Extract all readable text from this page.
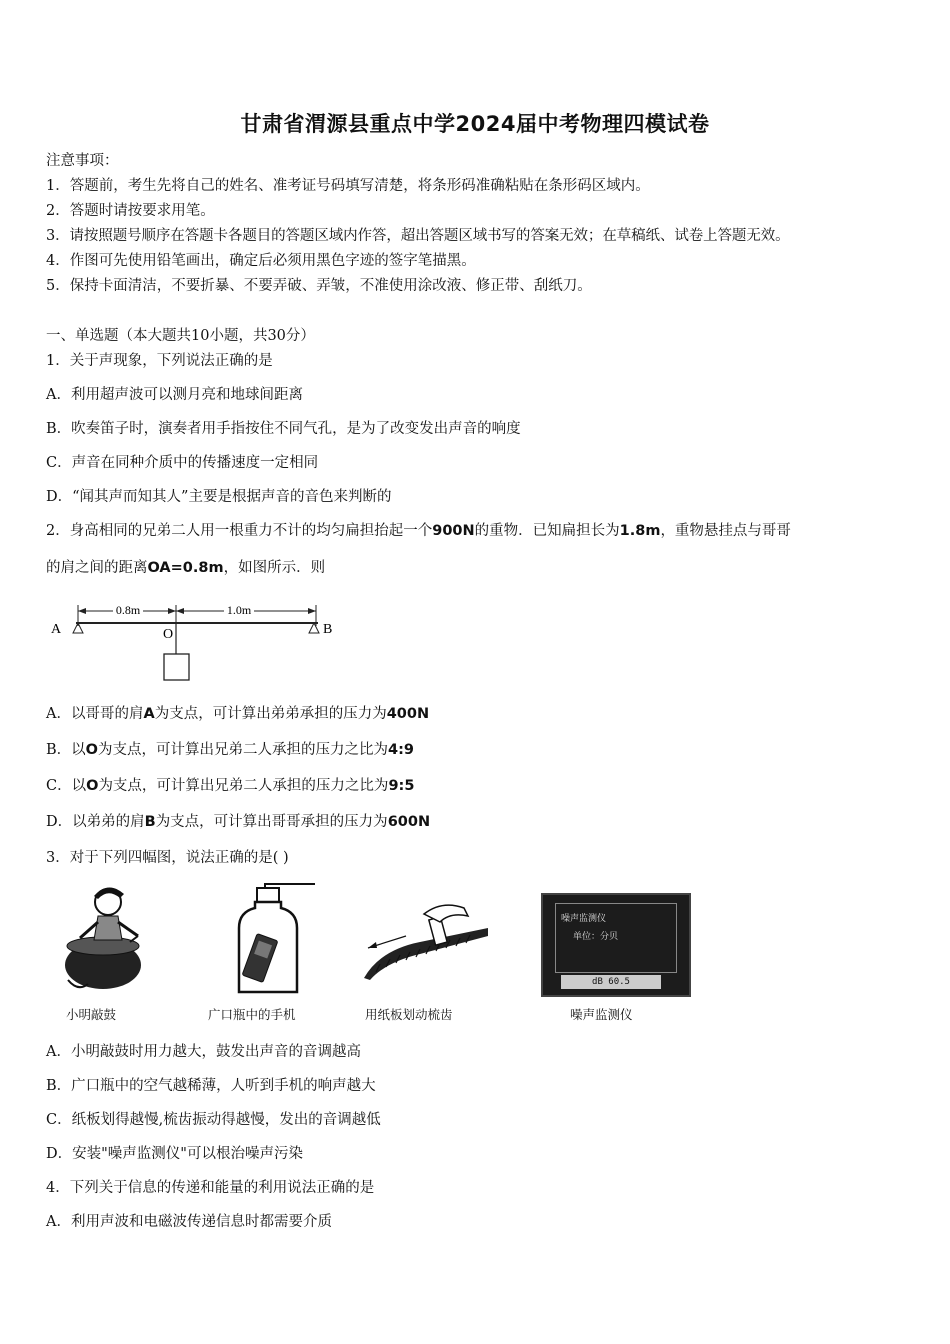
甘肃省渭源县重点中学2024届中考物理四模试卷
注意事项：
1．答题前，考生先将自己的姓名、准考证号码填写清楚，将条形码准确粘贴在条形码区域内。
2．答题时请按要求用笔。
3．请按照题号顺序在答题卡各题目的答题区域内作答，超出答题区域书写的答案无效；在草稿纸、试卷上答题无效。
4．作图可先使用铅笔画出，确定后必须用黑色字迹的签字笔描黑。
5．保持卡面清洁，不要折暴、不要弄破、弄皱，不准使用涂改液、修正带、刮纸刀。
一、单选题（本大题共10小题，共30分）
1．关于声现象，下列说法正确的是
A．利用超声波可以测月亮和地球间距离
B．吹奏笛子时，演奏者用手指按住不同气孔，是为了改变发出声音的响度
C．声音在同种介质中的传播速度一定相同
D．“闻其声而知其人”主要是根据声音的音色来判断的
2．身高相同的兄弟二人用一根重力不计的均匀扁担抬起一个900N的重物．已知扁担长为1.8m，重物悬挂点与哥哥
的肩之间的距离OA=0.8m，如图所示．则
0.8m	1.0m
A	O	B
A．以哥哥的肩A为支点，可计算出弟弟承担的压力为400N
B．以O为支点，可计算出兄弟二人承担的压力之比为4:9
C．以O为支点，可计算出兄弟二人承担的压力之比为9:5
D．以弟弟的肩B为支点，可计算出哥哥承担的压力为600N
3．对于下列四幅图，说法正确的是( )
小明敲鼓	广口瓶中的手机	用纸板划动梳齿
噪声监测仪
单位：分贝
dB 60.5
噪声监测仪
A．小明敲鼓时用力越大，鼓发出声音的音调越高
B．广口瓶中的空气越稀薄，人听到手机的响声越大
C．纸板划得越慢,梳齿振动得越慢，发出的音调越低
D．安装"噪声监测仪"可以根治噪声污染
4．下列关于信息的传递和能量的利用说法正确的是
A．利用声波和电磁波传递信息时都需要介质
